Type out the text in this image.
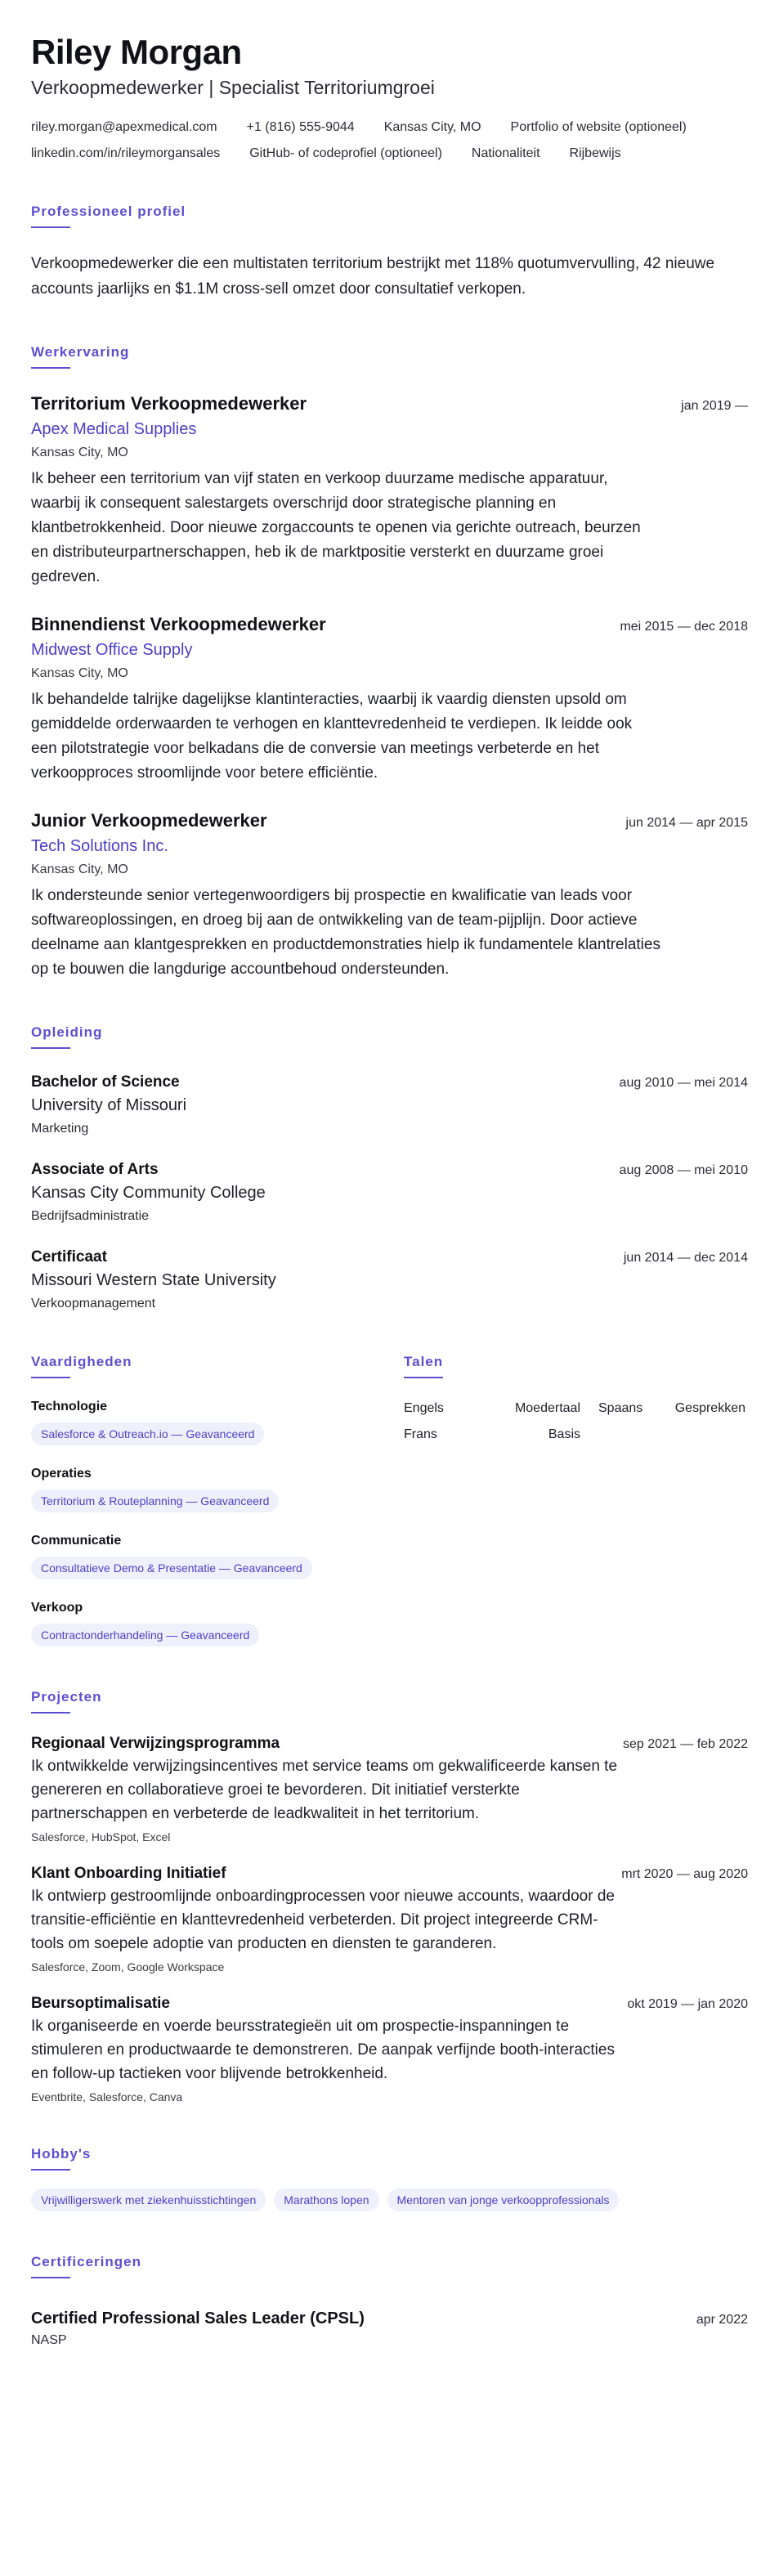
Riley Morgan
Verkoopmedewerker | Specialist Territoriumgroei
riley.morgan@apexmedical.com +1 (816) 555-9044 Kansas City, MO Portfolio of website (optioneel)
linkedin.com/in/rileymorgansales GitHub- of codeprofiel (optioneel) Nationaliteit Rijbewijs
Professioneel profiel

Verkoopmedewerker die een multistaten territorium bestrijkt met 118% quotumvervulling, 42 nieuwe accounts jaarlijks en $1.1M cross-sell omzet door consultatief verkopen.

Werkervaring
Territorium Verkoopmedewerker	jan 2019 —
Apex Medical Supplies
Kansas City, MO

Ik beheer een territorium van vijf staten en verkoop duurzame medische apparatuur, waarbij ik consequent salestargets overschrijd door strategische planning en klantbetrokkenheid. Door nieuwe zorgaccounts te openen via gerichte outreach, beurzen en distributeurpartnerschappen, heb ik de marktpositie versterkt en duurzame groei gedreven.

Binnendienst Verkoopmedewerker	mei 2015 — dec 2018
Midwest Office Supply
Kansas City, MO

Ik behandelde talrijke dagelijkse klantinteracties, waarbij ik vaardig diensten upsold om gemiddelde orderwaarden te verhogen en klanttevredenheid te verdiepen. Ik leidde ook een pilotstrategie voor belkadans die de conversie van meetings verbeterde en het verkoopproces stroomlijnde voor betere efficiëntie.

Junior Verkoopmedewerker	jun 2014 — apr 2015
Tech Solutions Inc.
Kansas City, MO

Ik ondersteunde senior vertegenwoordigers bij prospectie en kwalificatie van leads voor softwareoplossingen, en droeg bij aan de ontwikkeling van de team-pijplijn. Door actieve deelname aan klantgesprekken en productdemonstraties hielp ik fundamentele klantrelaties op te bouwen die langdurige accountbehoud ondersteunden.

Opleiding
Bachelor of Science	aug 2010 — mei 2014
University of Missouri
Marketing
Associate of Arts	aug 2008 — mei 2010
Kansas City Community College
Bedrijfsadministratie
Certificaat	jun 2014 — dec 2014
Missouri Western State University
Verkoopmanagement
Vaardigheden
Technologie
Salesforce & Outreach.io — Geavanceerd
Operaties
Territorium & Routeplanning — Geavanceerd
Communicatie
Consultatieve Demo & Presentatie — Geavanceerd
Verkoop
Contractonderhandeling — Geavanceerd
Talen
Engels	Moedertaal	Spaans	Gesprekken
Frans	Basis
Projecten
Regionaal Verwijzingsprogramma	sep 2021 — feb 2022

Ik ontwikkelde verwijzingsincentives met service teams om gekwalificeerde kansen te genereren en collaboratieve groei te bevorderen. Dit initiatief versterkte partnerschappen en verbeterde de leadkwaliteit in het territorium.

Salesforce, HubSpot, Excel
Klant Onboarding Initiatief	mrt 2020 — aug 2020

Ik ontwierp gestroomlijnde onboardingprocessen voor nieuwe accounts, waardoor de transitie-efficiëntie en klanttevredenheid verbeterden. Dit project integreerde CRM-tools om soepele adoptie van producten en diensten te garanderen.

Salesforce, Zoom, Google Workspace
Beursoptimalisatie	okt 2019 — jan 2020

Ik organiseerde en voerde beursstrategieën uit om prospectie-inspanningen te stimuleren en productwaarde te demonstreren. De aanpak verfijnde booth-interacties en follow-up tactieken voor blijvende betrokkenheid.

Eventbrite, Salesforce, Canva
Hobby's
Vrijwilligerswerk met ziekenhuisstichtingen	Marathons lopen	Mentoren van jonge verkoopprofessionals
Certificeringen
Certified Professional Sales Leader (CPSL)	apr 2022
NASP
